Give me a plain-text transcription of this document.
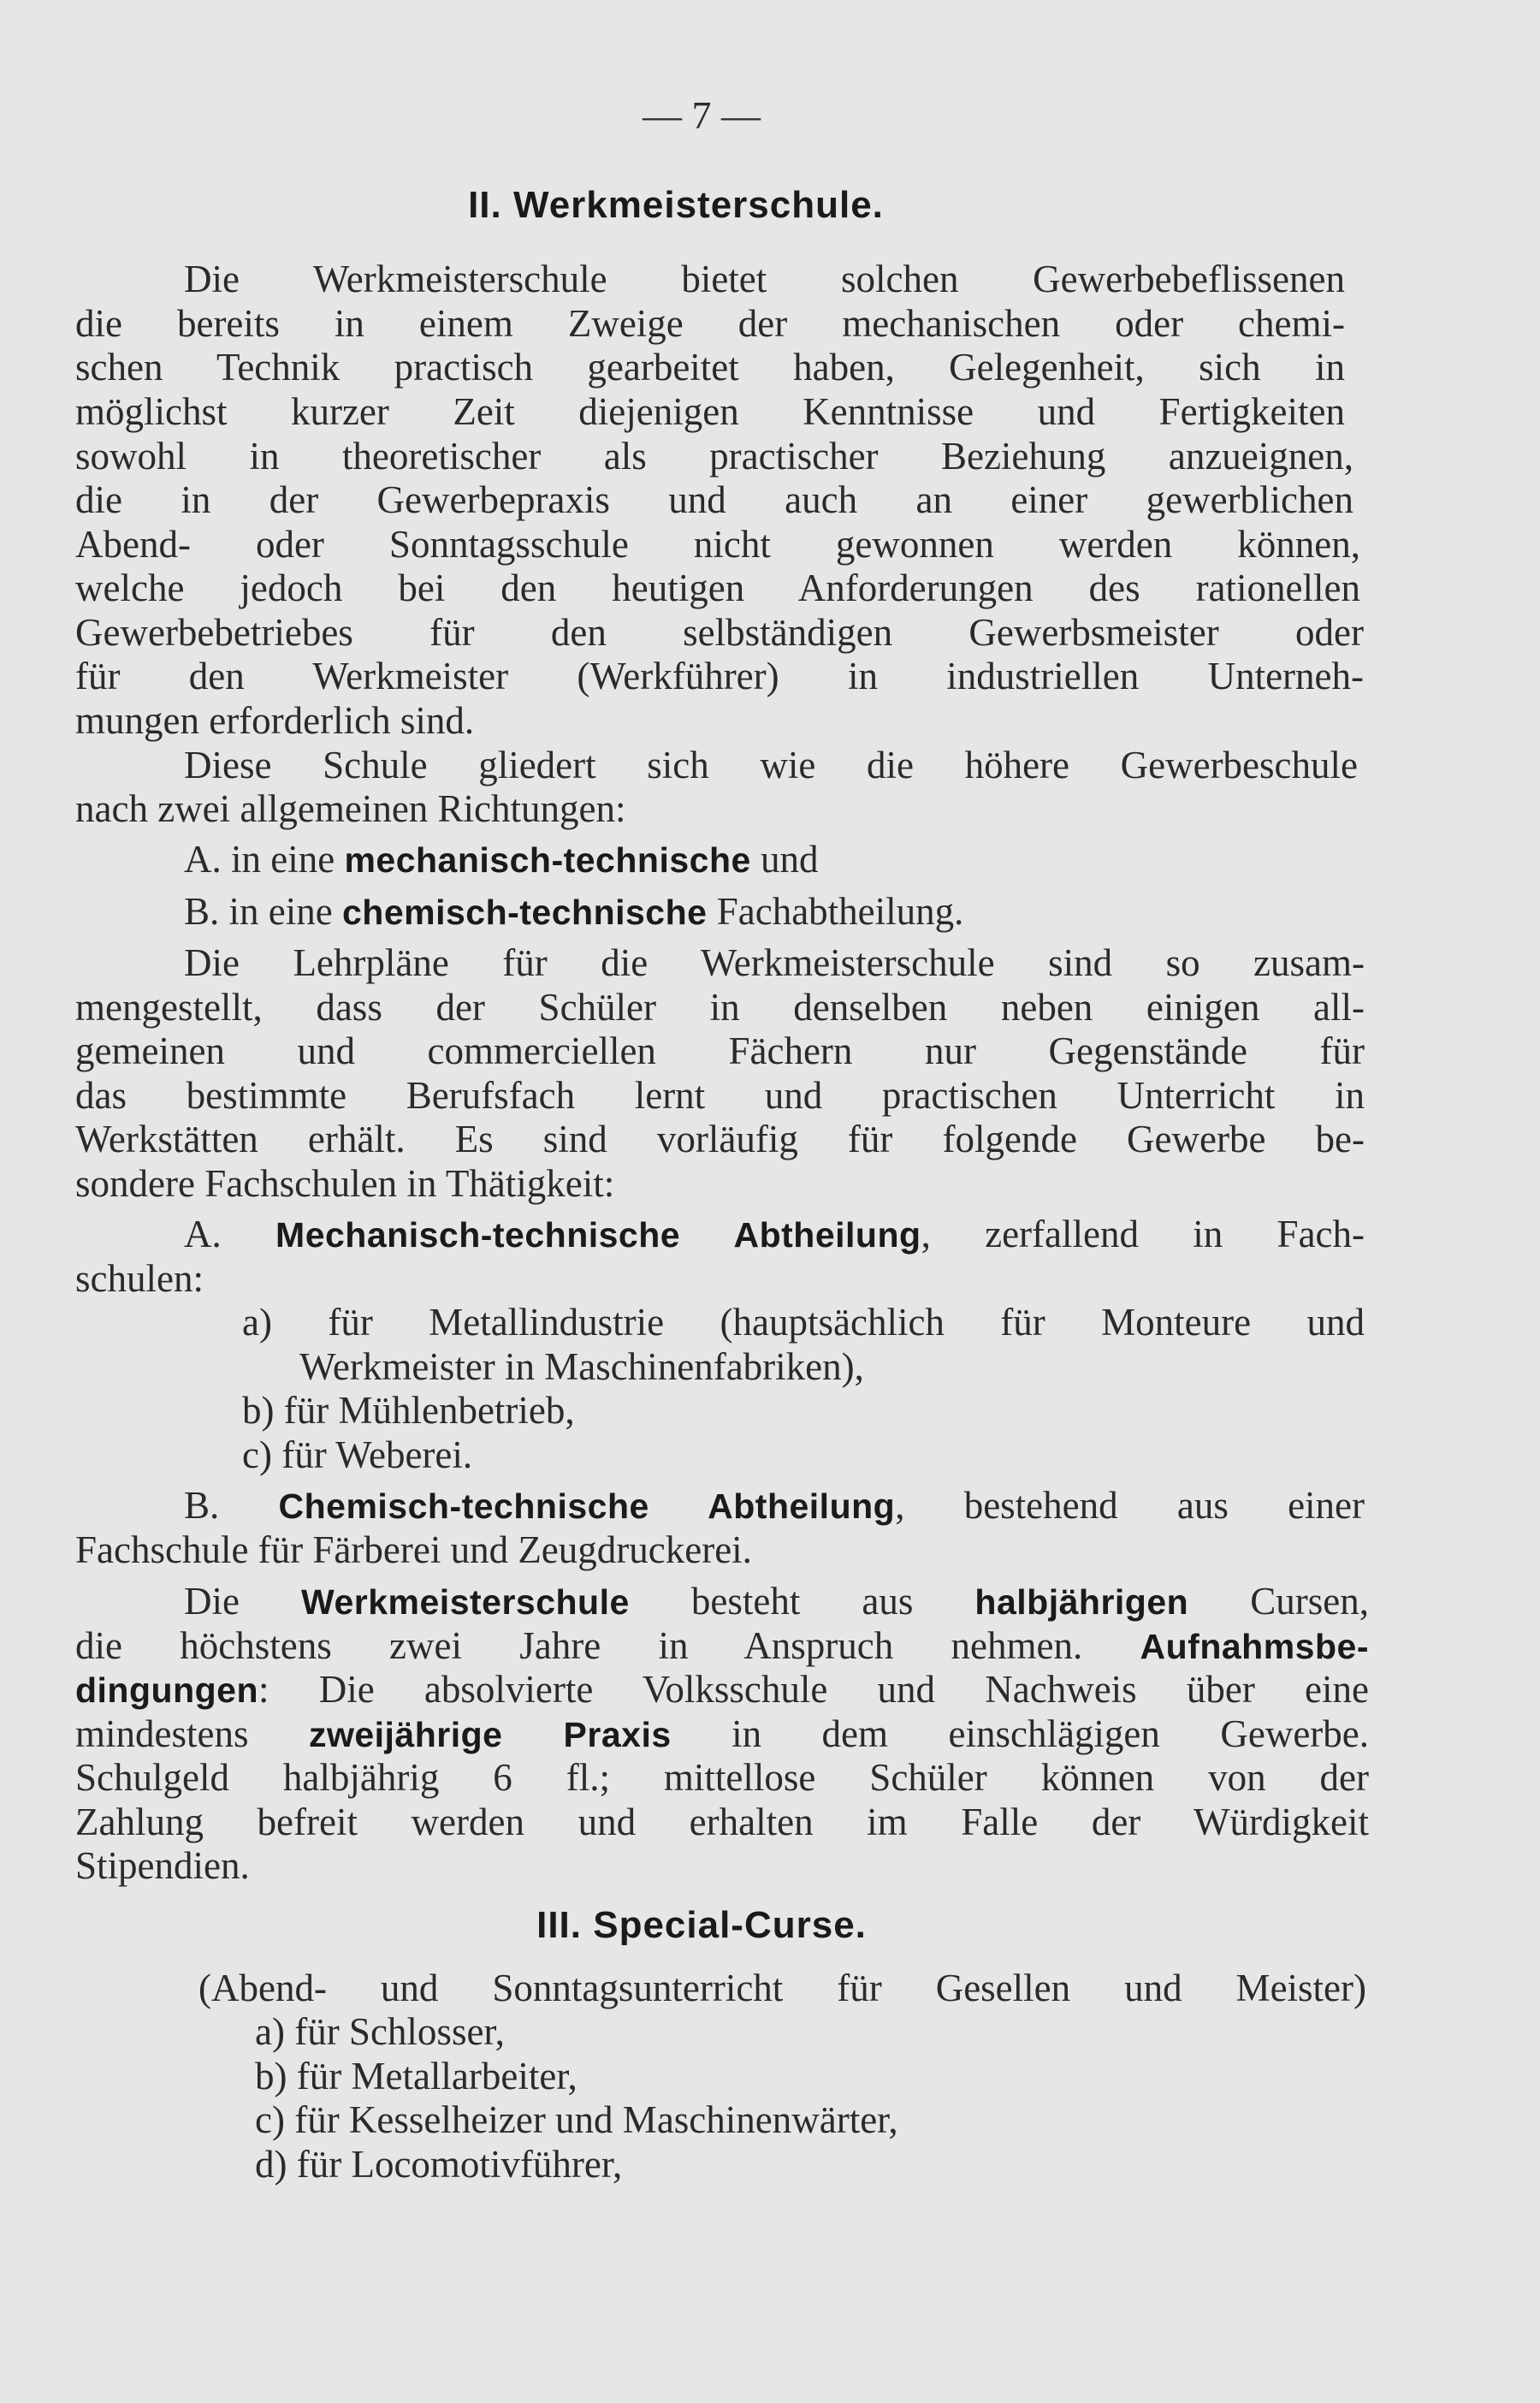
— 7 —
II. Werkmeisterschule.
Die Werkmeisterschule bietet solchen Gewerbebeflissenen
die bereits in einem Zweige der mechanischen oder chemi-
schen Technik practisch gearbeitet haben, Gelegenheit, sich in
möglichst kurzer Zeit diejenigen Kenntnisse und Fertigkeiten
sowohl in theoretischer als practischer Beziehung anzueignen,
die in der Gewerbepraxis und auch an einer gewerblichen
Abend- oder Sonntagsschule nicht gewonnen werden können,
welche jedoch bei den heutigen Anforderungen des rationellen
Gewerbebetriebes für den selbständigen Gewerbsmeister oder
für den Werkmeister (Werkführer) in industriellen Unterneh-
mungen erforderlich sind.
Diese Schule gliedert sich wie die höhere Gewerbeschule
nach zwei allgemeinen Richtungen:
A. in eine mechanisch-technische und
B. in eine chemisch-technische Fachabtheilung.
Die Lehrpläne für die Werkmeisterschule sind so zusam-
mengestellt, dass der Schüler in denselben neben einigen all-
gemeinen und commerciellen Fächern nur Gegenstände für
das bestimmte Berufsfach lernt und practischen Unterricht in
Werkstätten erhält. Es sind vorläufig für folgende Gewerbe be-
sondere Fachschulen in Thätigkeit:
A. Mechanisch-technische Abtheilung, zerfallend in Fach-
schulen:
a) für Metallindustrie (hauptsächlich für Monteure und
Werkmeister in Maschinenfabriken),
b) für Mühlenbetrieb,
c) für Weberei.
B. Chemisch-technische Abtheilung, bestehend aus einer
Fachschule für Färberei und Zeugdruckerei.
Die Werkmeisterschule besteht aus halbjährigen Cursen,
die höchstens zwei Jahre in Anspruch nehmen. Aufnahmsbe-
dingungen: Die absolvierte Volksschule und Nachweis über eine
mindestens zweijährige Praxis in dem einschlägigen Gewerbe.
Schulgeld halbjährig 6 fl.; mittellose Schüler können von der
Zahlung befreit werden und erhalten im Falle der Würdigkeit
Stipendien.
III. Special-Curse.
(Abend- und Sonntagsunterricht für Gesellen und Meister)
a) für Schlosser,
b) für Metallarbeiter,
c) für Kesselheizer und Maschinenwärter,
d) für Locomotivführer,
